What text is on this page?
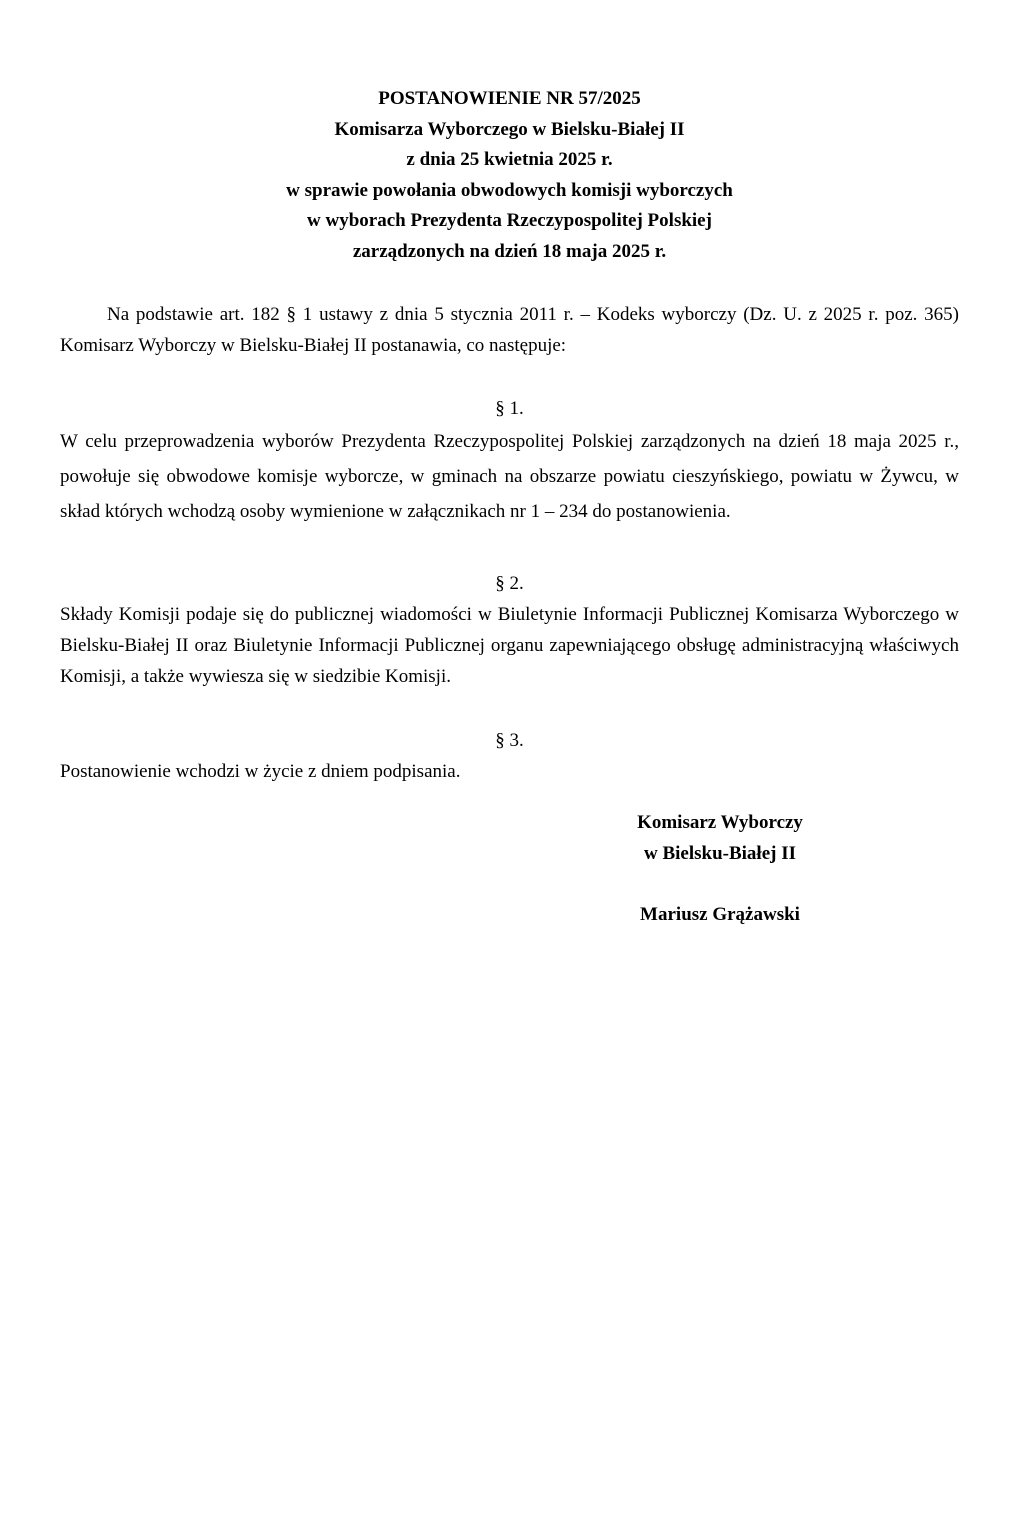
POSTANOWIENIE NR 57/2025
Komisarza Wyborczego w Bielsku-Białej II
z dnia 25 kwietnia 2025 r.
w sprawie powołania obwodowych komisji wyborczych
w wyborach Prezydenta Rzeczypospolitej Polskiej
zarządzonych na dzień 18 maja 2025 r.

Na podstawie art. 182 § 1 ustawy z dnia 5 stycznia 2011 r. – Kodeks wyborczy (Dz. U. z 2025 r. poz. 365) Komisarz Wyborczy w Bielsku-Białej II postanawia, co następuje:

§ 1.
W celu przeprowadzenia wyborów Prezydenta Rzeczypospolitej Polskiej zarządzonych na dzień 18 maja 2025 r., powołuje się obwodowe komisje wyborcze, w gminach na obszarze powiatu cieszyńskiego, powiatu w Żywcu, w skład których wchodzą osoby wymienione w załącznikach nr 1 – 234 do postanowienia.
§ 2.
Składy Komisji podaje się do publicznej wiadomości w Biuletynie Informacji Publicznej Komisarza Wyborczego w Bielsku-Białej II oraz Biuletynie Informacji Publicznej organu zapewniającego obsługę administracyjną właściwych Komisji, a także wywiesza się w siedzibie Komisji.
§ 3.
Postanowienie wchodzi w życie z dniem podpisania.
Komisarz Wyborczy
w Bielsku-Białej II
Mariusz Grążawski
